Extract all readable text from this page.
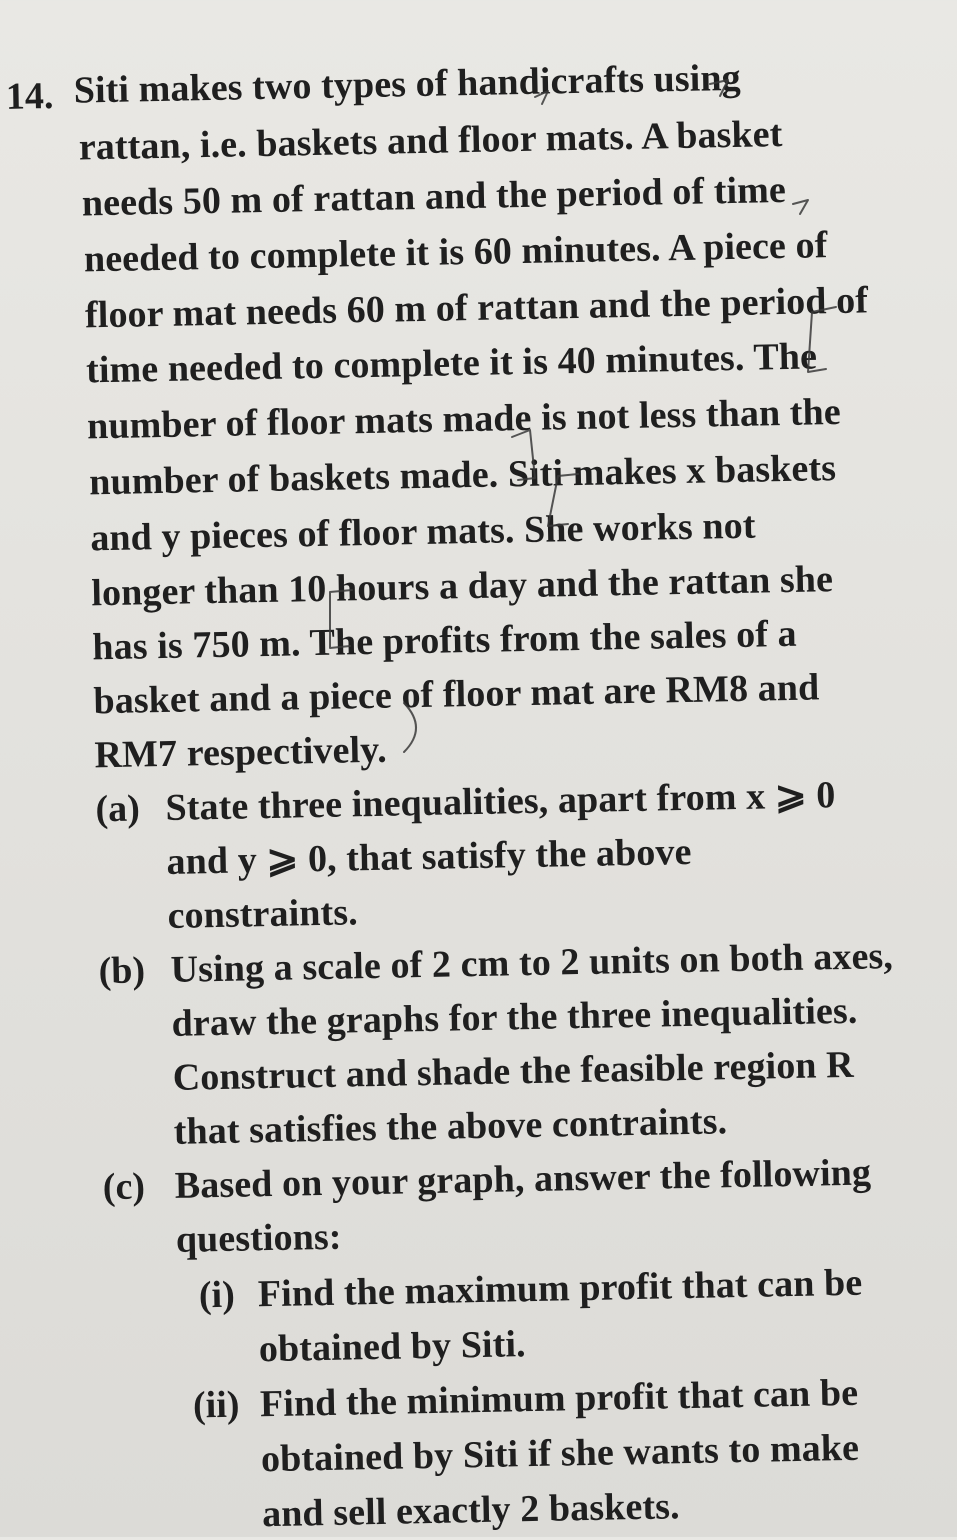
14. Siti makes two types of handicrafts using
rattan, i.e. baskets and floor mats. A basket
needs 50 m of rattan and the period of time
needed to complete it is 60 minutes. A piece of
floor mat needs 60 m of rattan and the period of
time needed to complete it is 40 minutes. The
number of floor mats made is not less than the
number of baskets made. Siti makes x baskets
and y pieces of floor mats. She works not
longer than 10 hours a day and the rattan she
has is 750 m. The profits from the sales of a
basket and a piece of floor mat are RM8 and
RM7 respectively.
(a) State three inequalities, apart from x ⩾ 0
and y ⩾ 0, that satisfy the above
constraints.
(b) Using a scale of 2 cm to 2 units on both axes,
draw the graphs for the three inequalities.
Construct and shade the feasible region R
that satisfies the above contraints.
(c) Based on your graph, answer the following
questions:
(i) Find the maximum profit that can be
obtained by Siti.
(ii) Find the minimum profit that can be
obtained by Siti if she wants to make
and sell exactly 2 baskets.
